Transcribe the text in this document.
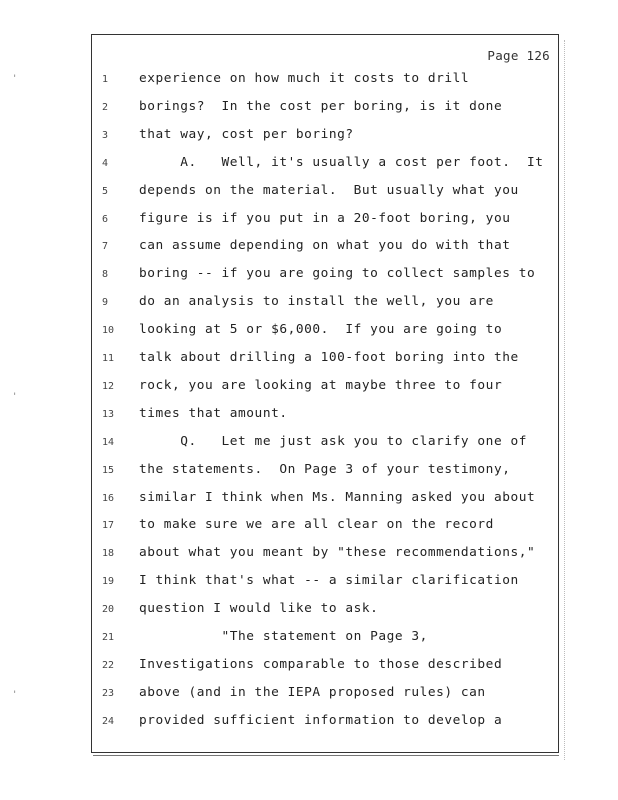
Page 126
1	experience on how much it costs to drill
2	borings?  In the cost per boring, is it done
3	that way, cost per boring?
4	A.   Well, it's usually a cost per foot.  It
5	depends on the material.  But usually what you
6	figure is if you put in a 20-foot boring, you
7	can assume depending on what you do with that
8	boring -- if you are going to collect samples to
9	do an analysis to install the well, you are
10	looking at 5 or $6,000.  If you are going to
11	talk about drilling a 100-foot boring into the
12	rock, you are looking at maybe three to four
13	times that amount.
14	Q.   Let me just ask you to clarify one of
15	the statements.  On Page 3 of your testimony,
16	similar I think when Ms. Manning asked you about
17	to make sure we are all clear on the record
18	about what you meant by "these recommendations,"
19	I think that's what -- a similar clarification
20	question I would like to ask.
21	"The statement on Page 3,
22	Investigations comparable to those described
23	above (and in the IEPA proposed rules) can
24	provided sufficient information to develop a
'
'
'
